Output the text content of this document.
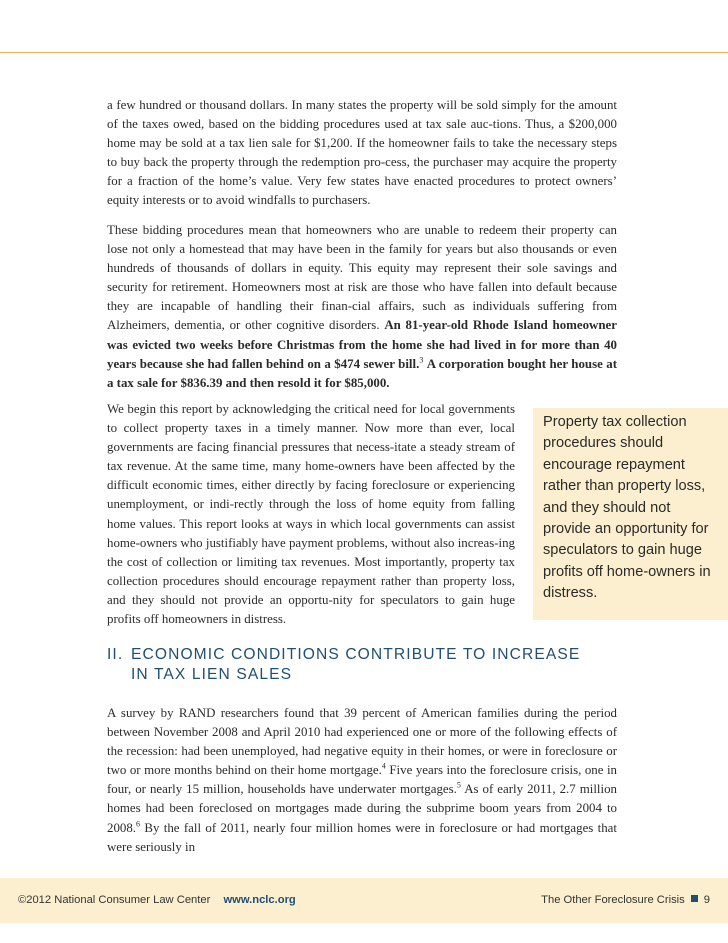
a few hundred or thousand dollars. In many states the property will be sold simply for the amount of the taxes owed, based on the bidding procedures used at tax sale auc-tions. Thus, a $200,000 home may be sold at a tax lien sale for $1,200. If the homeowner fails to take the necessary steps to buy back the property through the redemption pro-cess, the purchaser may acquire the property for a fraction of the home’s value. Very few states have enacted procedures to protect owners’ equity interests or to avoid windfalls to purchasers.

These bidding procedures mean that homeowners who are unable to redeem their property can lose not only a homestead that may have been in the family for years but also thousands or even hundreds of thousands of dollars in equity. This equity may represent their sole savings and security for retirement. Homeowners most at risk are those who have fallen into default because they are incapable of handling their finan-cial affairs, such as individuals suffering from Alzheimers, dementia, or other cognitive disorders. An 81-year-old Rhode Island homeowner was evicted two weeks before Christmas from the home she had lived in for more than 40 years because she had fallen behind on a $474 sewer bill.$^3$ A corporation bought her house at a tax sale for $836.39 and then resold it for $85,000.

We begin this report by acknowledging the critical need for local governments to collect property taxes in a timely manner. Now more than ever, local governments are facing financial pressures that necess-itate a steady stream of tax revenue. At the same time, many home-owners have been affected by the difficult economic times, either directly by facing foreclosure or experiencing unemployment, or indi-rectly through the loss of home equity from falling home values. This report looks at ways in which local governments can assist home-owners who justifiably have payment problems, without also increas-ing the cost of collection or limiting tax revenues. Most importantly, property tax collection procedures should encourage repayment rather than property loss, and they should not provide an opportu-nity for speculators to gain huge profits off homeowners in distress.

Property tax collection procedures should encourage repayment rather than property loss, and they should not provide an opportunity for speculators to gain huge profits off home-owners in distress.
II. ECONOMIC CONDITIONS CONTRIBUTE TO INCREASE
IN TAX LIEN SALES

A survey by RAND researchers found that 39 percent of American families during the period between November 2008 and April 2010 had experienced one or more of the following effects of the recession: had been unemployed, had negative equity in their homes, or were in foreclosure or two or more months behind on their home mortgage.$^4$ Five years into the foreclosure crisis, one in four, or nearly 15 million, households have underwater mortgages.$^5$ As of early 2011, 2.7 million homes had been foreclosed on mortgages made during the subprime boom years from 2004 to 2008.$^6$ By the fall of 2011, nearly four million homes were in foreclosure or had mortgages that were seriously in

©2012 National Consumer Law Center www.nclc.org	The Other Foreclosure Crisis 9
